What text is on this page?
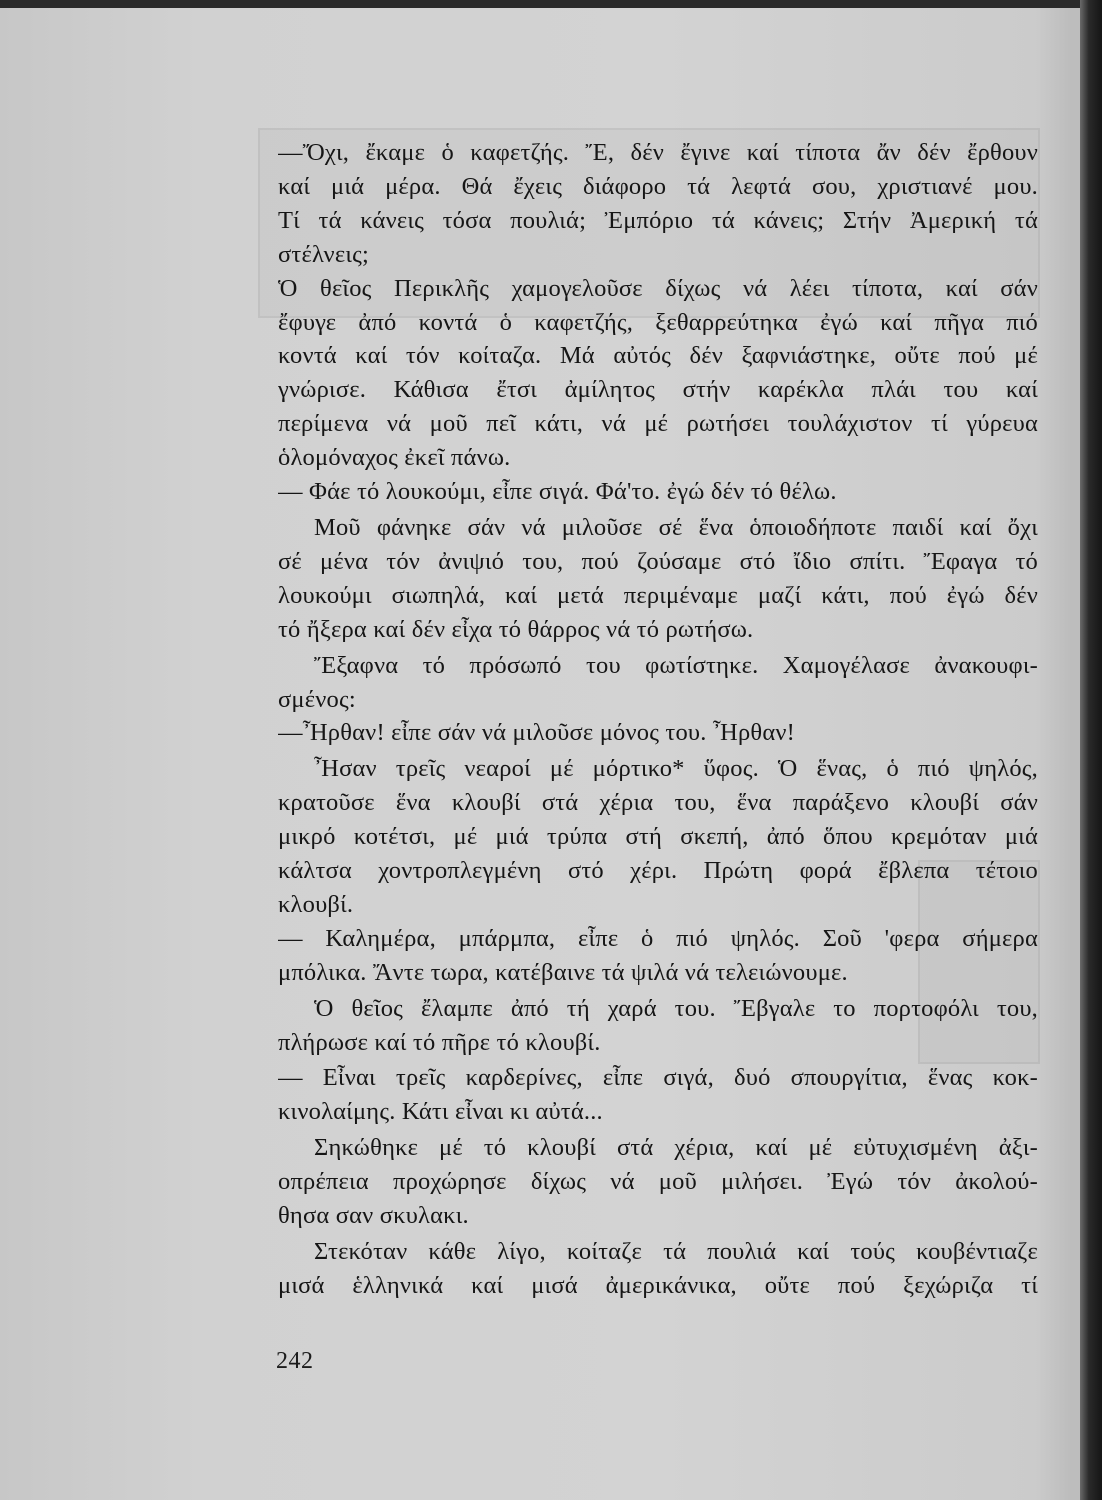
—Ὄχι, ἔκαμε ὁ καφετζής. Ἔ, δέν ἔγινε καί τίποτα ἄν δέν ἔρθουν

καί μιά μέρα. Θά ἔχεις διάφορο τά λεφτά σου, χριστιανέ μου.

Τί τά κάνεις τόσα πουλιά; Ἐμπόριο τά κάνεις; Στήν Ἀμερική τά

στέλνεις;

Ὁ θεῖος Περικλῆς χαμογελοῦσε δίχως νά λέει τίποτα, καί σάν

ἔφυγε ἀπό κοντά ὁ καφετζής, ξεθαρρεύτηκα ἐγώ καί πῆγα πιό

κοντά καί τόν κοίταζα. Μά αὐτός δέν ξαφνιάστηκε, οὔτε πού μέ

γνώρισε. Κάθισα ἔτσι ἀμίλητος στήν καρέκλα πλάι του καί

περίμενα νά μοῦ πεῖ κάτι, νά μέ ρωτήσει τουλάχιστον τί γύρευα

ὁλομόναχος ἐκεῖ πάνω.

— Φάε τό λουκούμι, εἶπε σιγά. Φά'το. ἐγώ δέν τό θέλω.

Μοῦ φάνηκε σάν νά μιλοῦσε σέ ἕνα ὁποιοδήποτε παιδί καί ὄχι

σέ μένα τόν ἀνιψιό του, πού ζούσαμε στό ἴδιο σπίτι. Ἔφαγα τό

λουκούμι σιωπηλά, καί μετά περιμέναμε μαζί κάτι, πού ἐγώ δέν

τό ἤξερα καί δέν εἶχα τό θάρρος νά τό ρωτήσω.

Ἔξαφνα τό πρόσωπό του φωτίστηκε. Χαμογέλασε ἀνακουφι-

σμένος:

—Ἦρθαν! εἶπε σάν νά μιλοῦσε μόνος του. Ἦρθαν!

Ἦσαν τρεῖς νεαροί μέ μόρτικο* ὕφος. Ὁ ἕνας, ὁ πιό ψηλός,

κρατοῦσε ἕνα κλουβί στά χέρια του, ἕνα παράξενο κλουβί σάν

μικρό κοτέτσι, μέ μιά τρύπα στή σκεπή, ἀπό ὅπου κρεμόταν μιά

κάλτσα χοντροπλεγμένη στό χέρι. Πρώτη φορά ἔβλεπα τέτοιο

κλουβί.

— Καλημέρα, μπάρμπα, εἶπε ὁ πιό ψηλός. Σοῦ 'φερα σήμερα

μπόλικα. Ἄντε τωρα, κατέβαινε τά ψιλά νά τελειώνουμε.

Ὁ θεῖος ἔλαμπε ἀπό τή χαρά του. Ἔβγαλε το πορτοφόλι του,

πλήρωσε καί τό πῆρε τό κλουβί.

— Εἶναι τρεῖς καρδερίνες, εἶπε σιγά, δυό σπουργίτια, ἕνας κοκ-

κινολαίμης. Κάτι εἶναι κι αὐτά...

Σηκώθηκε μέ τό κλουβί στά χέρια, καί μέ εὐτυχισμένη ἀξι-

οπρέπεια προχώρησε δίχως νά μοῦ μιλήσει. Ἐγώ τόν ἀκολού-

θησα σαν σκυλακι.

Στεκόταν κάθε λίγο, κοίταζε τά πουλιά καί τούς κουβέντιαζε

μισά ἑλληνικά καί μισά ἀμερικάνικα, οὔτε πού ξεχώριζα τί

242
